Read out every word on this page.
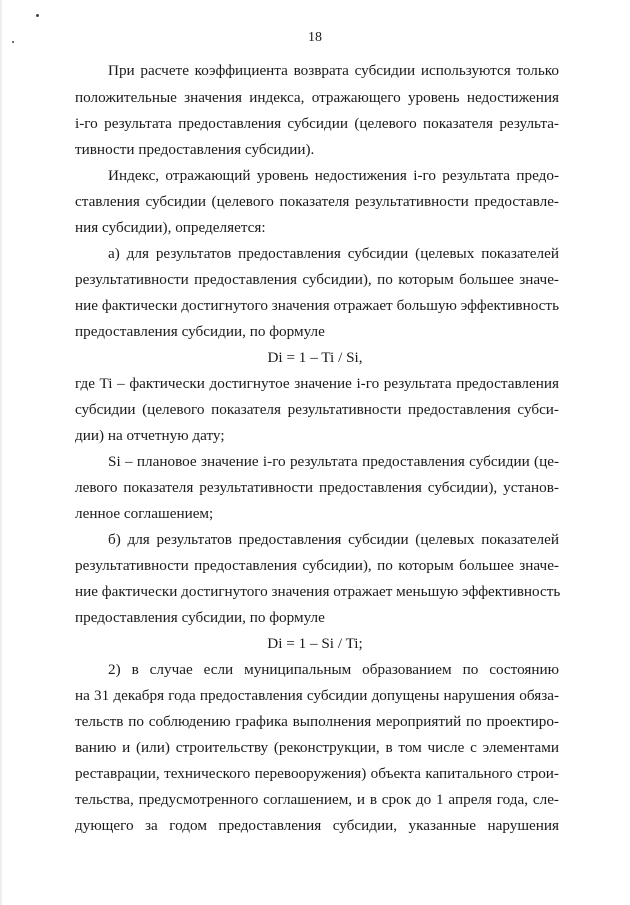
18
При расчете коэффициента возврата субсидии используются только
положительные значения индекса, отражающего уровень недостижения
i-го результата предоставления субсидии (целевого показателя результа-
тивности предоставления субсидии).
Индекс, отражающий уровень недостижения i-го результата предо-
ставления субсидии (целевого показателя результативности предоставле-
ния субсидии), определяется:
а) для результатов предоставления субсидии (целевых показателей
результативности предоставления субсидии), по которым большее значе-
ние фактически достигнутого значения отражает большую эффективность
предоставления субсидии, по формуле
Di = 1 – Ti / Si,
где Ti – фактически достигнутое значение i-го результата предоставления
субсидии (целевого показателя результативности предоставления субси-
дии) на отчетную дату;
Si – плановое значение i-го результата предоставления субсидии (це-
левого показателя результативности предоставления субсидии), установ-
ленное соглашением;
б) для результатов предоставления субсидии (целевых показателей
результативности предоставления субсидии), по которым большее значе-
ние фактически достигнутого значения отражает меньшую эффективность
предоставления субсидии, по формуле
Di = 1 – Si / Ti;
2) в случае если муниципальным образованием по состоянию
на 31 декабря года предоставления субсидии допущены нарушения обяза-
тельств по соблюдению графика выполнения мероприятий по проектиро-
ванию и (или) строительству (реконструкции, в том числе с элементами
реставрации, технического перевооружения) объекта капитального строи-
тельства, предусмотренного соглашением, и в срок до 1 апреля года, сле-
дующего за годом предоставления субсидии, указанные нарушения
